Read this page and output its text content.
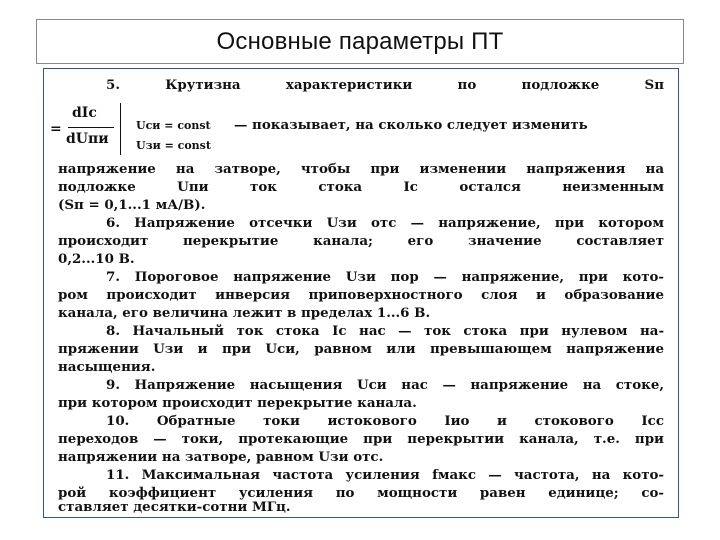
Основные параметры ПТ
5. Крутизна характеристики по подложке Sп
=
dIс
dUпи
Uси = const
Uзи = const
— показывает, на сколько следует изменить
напряжение на затворе, чтобы при изменении напряжения на
подложке Uпи ток стока Iс остался неизменным
(Sп = 0,1...1 мА/В).
6. Напряжение отсечки Uзи отс — напряжение, при котором
происходит перекрытие канала; его значение составляет
0,2...10 В.
7. Пороговое напряжение Uзи пор — напряжение, при кото-
ром происходит инверсия приповерхностного слоя и образование
канала, его величина лежит в пределах 1...6 В.
8. Начальный ток стока Iс нас — ток стока при нулевом на-
пряжении Uзи и при Uси, равном или превышающем напряжение
насыщения.
9. Напряжение насыщения Uси нас — напряжение на стоке,
при котором происходит перекрытие канала.
10. Обратные токи истокового Iио и стокового Iсс
переходов — токи, протекающие при перекрытии канала, т.е. при
напряжении на затворе, равном Uзи отс.
11. Максимальная частота усиления fмакс — частота, на кото-
рой коэффициент усиления по мощности равен единице; со-
ставляет десятки-сотни МГц.
